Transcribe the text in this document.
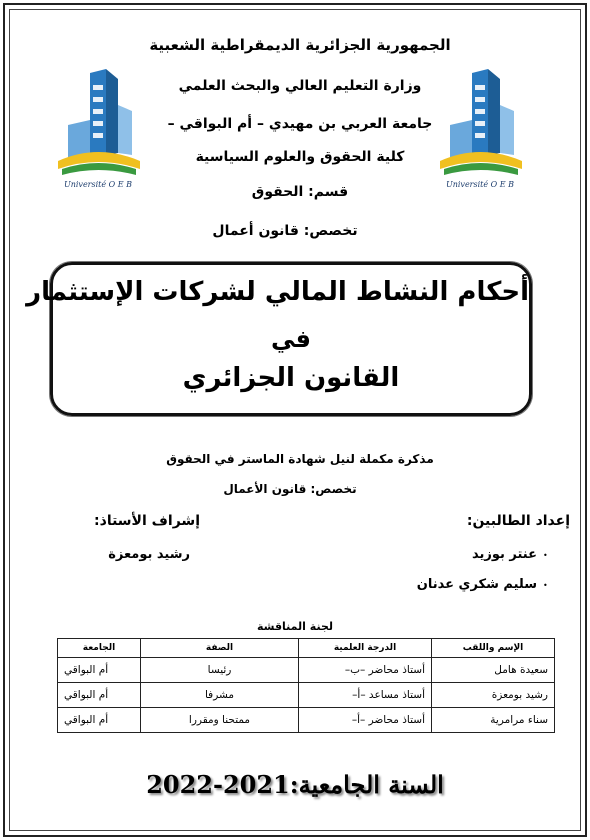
Université O E B	Université O E B
الجمهورية الجزائرية الديمقراطية الشعبية
وزارة التعليم العالي والبحث العلمي
جامعة العربي بن مهيدي – أم البواقي –
كلية الحقوق والعلوم السياسية
قسم: الحقوق
تخصص: قانون أعمال
أحكام النشاط المالي لشركات الإستثمار
في
القانون الجزائري
مذكرة مكملة لنيل شهادة الماستر في الحقوق
تخصص: قانون الأعمال
إعداد الطالبين:
إشراف الأستاذ:
•
عنتر بوزيد
رشيد بومعزة
•
سليم شكري عدنان
لجنة المناقشة
الإسم واللقب	الدرجة العلمية	الصفة	الجامعة
سعيدة هامل	أستاذ محاضر –ب–	رئيسا	أم البواقي
رشيد بومعزة	أستاذ مساعد –أ–	مشرفا	أم البواقي
سناء مرامرية	أستاذ محاضر –أ–	ممتحنا ومقررا	أم البواقي
السنة الجامعية:2021-2022
